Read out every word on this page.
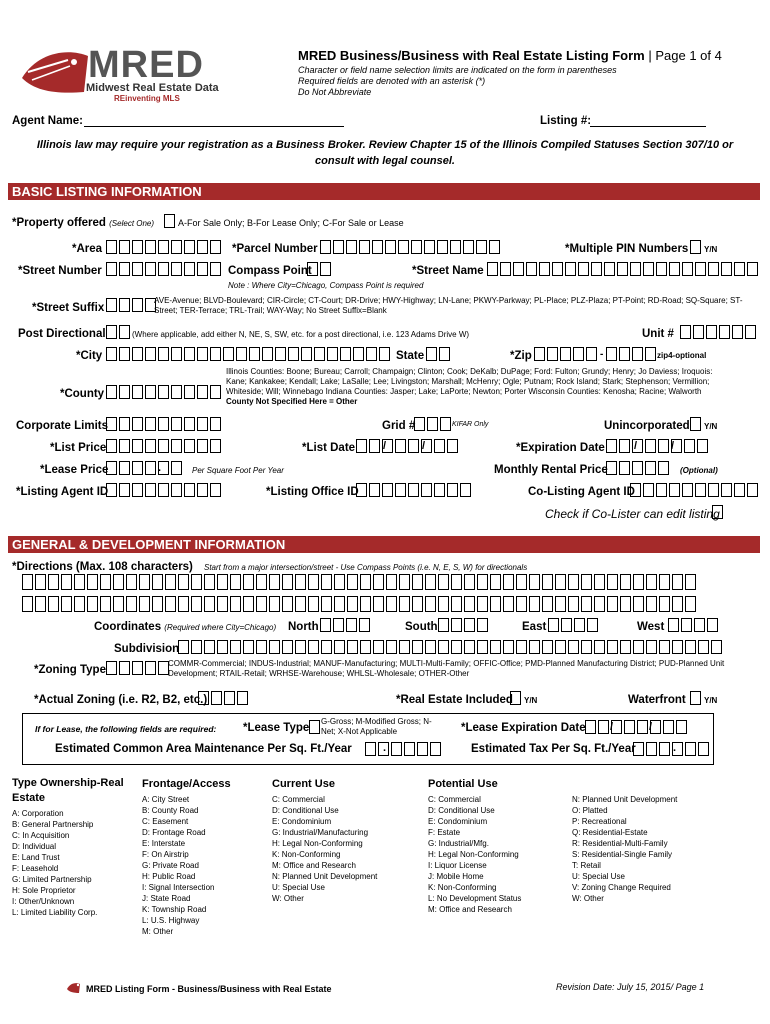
MRED
Midwest Real Estate Data
REinventing MLS
MRED Business/Business with Real Estate Listing Form | Page 1 of 4
Character or field name selection limits are indicated on the form in parentheses
Required fields are denoted with an asterisk (*)
Do Not Abbreviate
Agent Name:	Listing #:
Illinois law may require your registration as a Business Broker. Review Chapter 15 of the Illinois Compiled Statuses Section 307/10 or consult with legal counsel.
BASIC LISTING INFORMATION
*Property offered (Select One)	A-For Sale Only; B-For Lease Only; C-For Sale or Lease
*Area	*Parcel Number	*Multiple PIN Numbers Y/N
*Street Number	Compass Point	*Street Name
Note : Where City=Chicago, Compass Point is required
*Street Suffix
AVE-Avenue; BLVD-Boulevard; CIR-Circle; CT-Court; DR-Drive; HWY-Highway; LN-Lane; PKWY-Parkway; PL-Place; PLZ-Plaza; PT-Point; RD-Road; SQ-Square; ST-Street; TER-Terrace; TRL-Trail; WAY-Way; No Street Suffix=Blank
Post Directional	(Where applicable, add either N, NE, S, SW, etc. for a post directional, i.e. 123 Adams Drive W)	Unit #
*City	State	*Zip	-	zip4-optional
*County
Illinois Counties: Boone; Bureau; Carroll; Champaign; Clinton; Cook; DeKalb; DuPage; Ford: Fulton; Grundy; Henry; Jo Daviess; Iroquois:
Kane; Kankakee; Kendall; Lake; LaSalle; Lee; Livingston; Marshall; McHenry; Ogle; Putnam; Rock Island; Stark; Stephenson; Vermillion;
Whiteside; Will; Winnebago Indiana Counties: Jasper; Lake; LaPorte; Newton; Porter Wisconsin Counties: Kenosha; Racine; Walworth
County Not Specified Here = Other
Corporate Limits	Grid #	KIFAR Only	Unincorporated Y/N
*List Price	*List Date	/	/	*Expiration Date	/	/
*Lease Price	.	Per Square Foot Per Year	Monthly Rental Price	(Optional)
*Listing Agent ID	*Listing Office ID	Co-Listing Agent ID
Check if Co-Lister can edit listing
GENERAL & DEVELOPMENT INFORMATION
*Directions (Max. 108 characters) Start from a major intersection/street - Use Compass Points (i.e. N, E, S, W) for directionals
Coordinates (Required where City=Chicago) North	South	East	West
Subdivision
*Zoning Type
COMMR-Commercial; INDUS-Industrial; MANUF-Manufacturing; MULTI-Multi-Family; OFFIC-Office; PMD-Planned Manufacturing District; PUD-Planned Unit Development; RTAIL-Retail; WRHSE-Warehouse; WHLSL-Wholesale; OTHER-Other
*Actual Zoning (i.e. R2, B2, etc.)	*Real Estate Included Y/N	Waterfront Y/N
If for Lease, the following fields are required: *Lease Type
G-Gross; M-Modified Gross; N-Net; X-Not Applicable	*Lease Expiration Date /	/
Estimated Common Area Maintenance Per Sq. Ft./Year	.	Estimated Tax Per Sq. Ft./Year	.
Type Ownership-Real Estate
A: Corporation
B: General Partnership
C: In Acquisition
D: Individual
E: Land Trust
F: Leasehold
G: Limited Partnership
H: Sole Proprietor
I: Other/Unknown
L: Limited Liability Corp.
Frontage/Access
A: City Street
B: County Road
C: Easement
D: Frontage Road
E: Interstate
F: On Airstrip
G: Private Road
H: Public Road
I: Signal Intersection
J: State Road
K: Township Road
L: U.S. Highway
M: Other
Current Use
C: Commercial
D: Conditional Use
E: Condominium
G: Industrial/Manufacturing
H: Legal Non-Conforming
K: Non-Conforming
M: Office and Research
N: Planned Unit Development
U: Special Use
W: Other
Potential Use
C: Commercial
D: Conditional Use
E: Condominium
F: Estate
G: Industrial/Mfg.
H: Legal Non-Conforming
I: Liquor License
J: Mobile Home
K: Non-Conforming
L: No Development Status
M: Office and Research
N: Planned Unit Development
O: Platted
P: Recreational
Q: Residential-Estate
R: Residential-Multi-Family
S: Residential-Single Family
T: Retail
U: Special Use
V: Zoning Change Required
W: Other
MRED Listing Form - Business/Business with Real Estate	Revision Date: July 15, 2015/ Page 1
